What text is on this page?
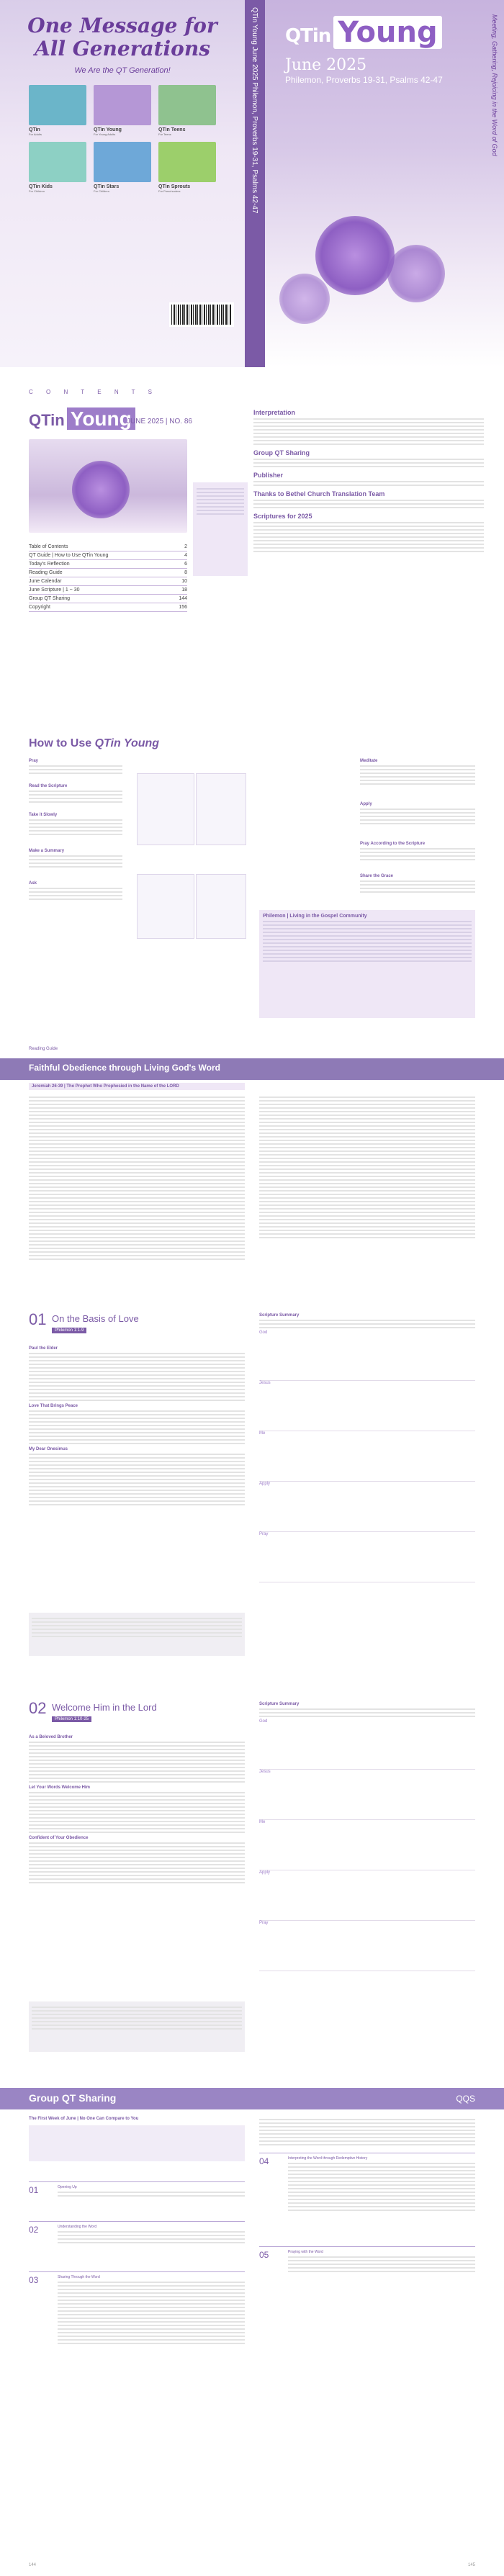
One Message for All Generations
We Are the QT Generation!
QTin
For Adults
QTin Young
For Young Adults
QTin Teens
For Teens
QTin Kids
For Children
QTin Stars
For Children
QTin Sprouts
For Preschoolers	QTin Young June 2025 Philemon, Proverbs 19-31, Psalms 42-47 QTin Young
June 2025
Philemon, Proverbs 19-31, Psalms 42-47	Meeting, Gathering, Rejoicing in the Word of God
C O N T E N T S
QTin Young
JUNE 2025 | NO. 86
Table of Contents	2
QT Guide | How to Use QTin Young	4
Today's Reflection	6
Reading Guide	8
June Calendar	10
June Scripture | 1 ~ 30	18
Group QT Sharing	144
Copyright	156
Interpretation
Group QT Sharing
Publisher
Thanks to Bethel Church Translation Team
Scriptures for 2025
How to Use QTin Young
Pray
Read the Scripture
Take it Slowly
Make a Summary
Ask
Meditate
Apply
Pray According to the Scripture
Share the Grace
Philemon | Living in the Gospel Community
Reading Guide
Faithful Obedience through Living God's Word
Jeremiah 26-39 | The Prophet Who Prophesied in the Name of the LORD
01 On the Basis of Love
Philemon 1:1-9
Paul the Elder
Love That Brings Peace
My Dear Onesimus
Scripture Summary
God
Jesus
Me
Apply
Pray
02 Welcome Him in the Lord
Philemon 1:10-25
As a Beloved Brother
Let Your Words Welcome Him
Confident of Your Obedience
Scripture Summary
God
Jesus
Me
Apply
Pray
Group QT Sharing	QQS
The First Week of June | No One Can Compare to You
01	Opening Up
02	Understanding the Word
03	Sharing Through the Word
04	Interpreting the Word through Redemptive History
05	Praying with the Word
144	145
